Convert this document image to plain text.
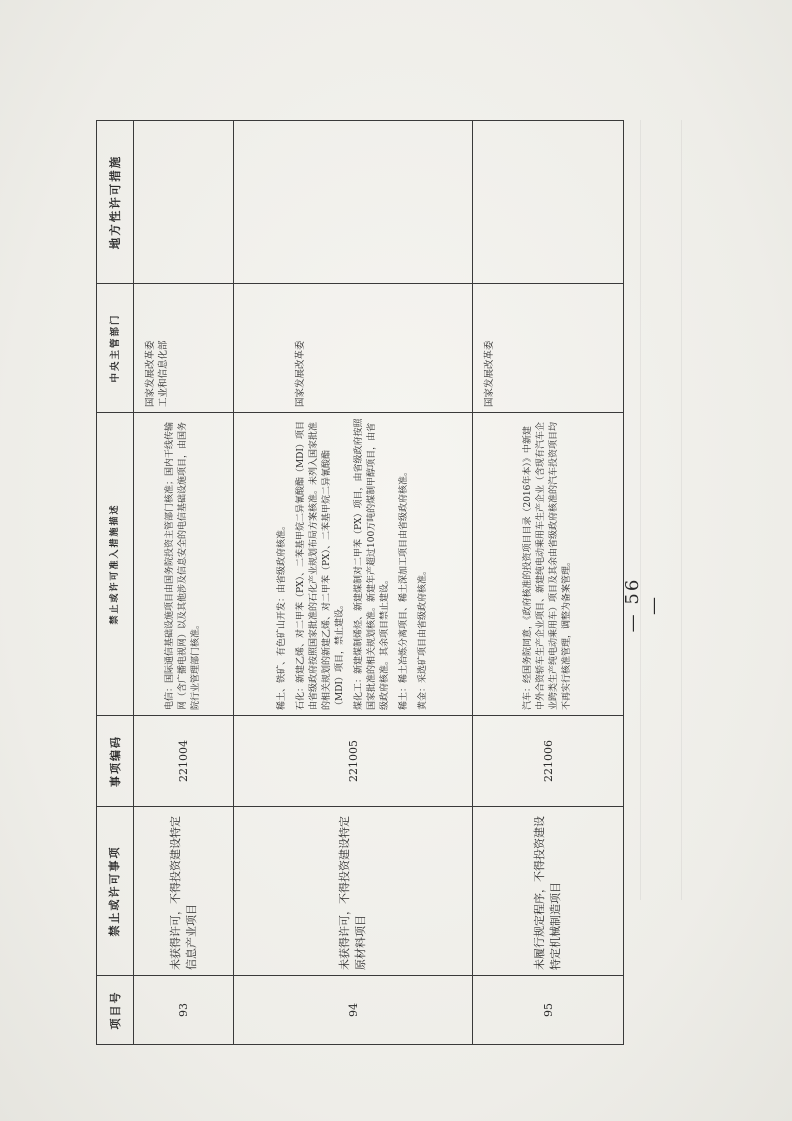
项目号	禁止或许可事项	事项编码	禁止或许可准入措施描述	中央主管部门	地方性许可措施
93	未获得许可，不得投资建设特定信息产业项目	221004	电信：国际通信基础设施项目由国务院投资主管部门核准；国内干线传输网（含广播电视网）以及其他涉及信息安全的电信基础设施项目，由国务院行业管理部门核准。	国家发展改革委
工业和信息化部	
94	未获得许可，不得投资建设特定原材料项目	221005	稀土、铁矿、有色矿山开发：由省级政府核准。 石化：新建乙烯、对二甲苯（PX）、二苯基甲烷二异氰酸酯（MDI）项目由省级政府按照国家批准的石化产业规划布局方案核准。未列入国家批准的相关规划的新建乙烯、对二甲苯（PX）、二苯基甲烷二异氰酸酯（MDI）项目，禁止建设。 煤化工：新建煤制烯烃、新建煤制对二甲苯（PX）项目，由省级政府按照国家批准的相关规划核准。新建年产超过100万吨的煤制甲醇项目，由省级政府核准。其余项目禁止建设。 稀土：稀土冶炼分离项目、稀土深加工项目由省级政府核准。 黄金：采选矿项目由省级政府核准。	国家发展改革委	
95	未履行规定程序，不得投资建设特定机械制造项目	221006	汽车：经国务院同意，《政府核准的投资项目目录（2016年本）》中新建中外合资轿车生产企业项目、新建纯电动乘用车生产企业（含现有汽车企业跨类生产纯电动乘用车）项目及其余由省级政府核准的汽车投资项目均不再实行核准管理，调整为备案管理。	国家发展改革委	
— 56 —
